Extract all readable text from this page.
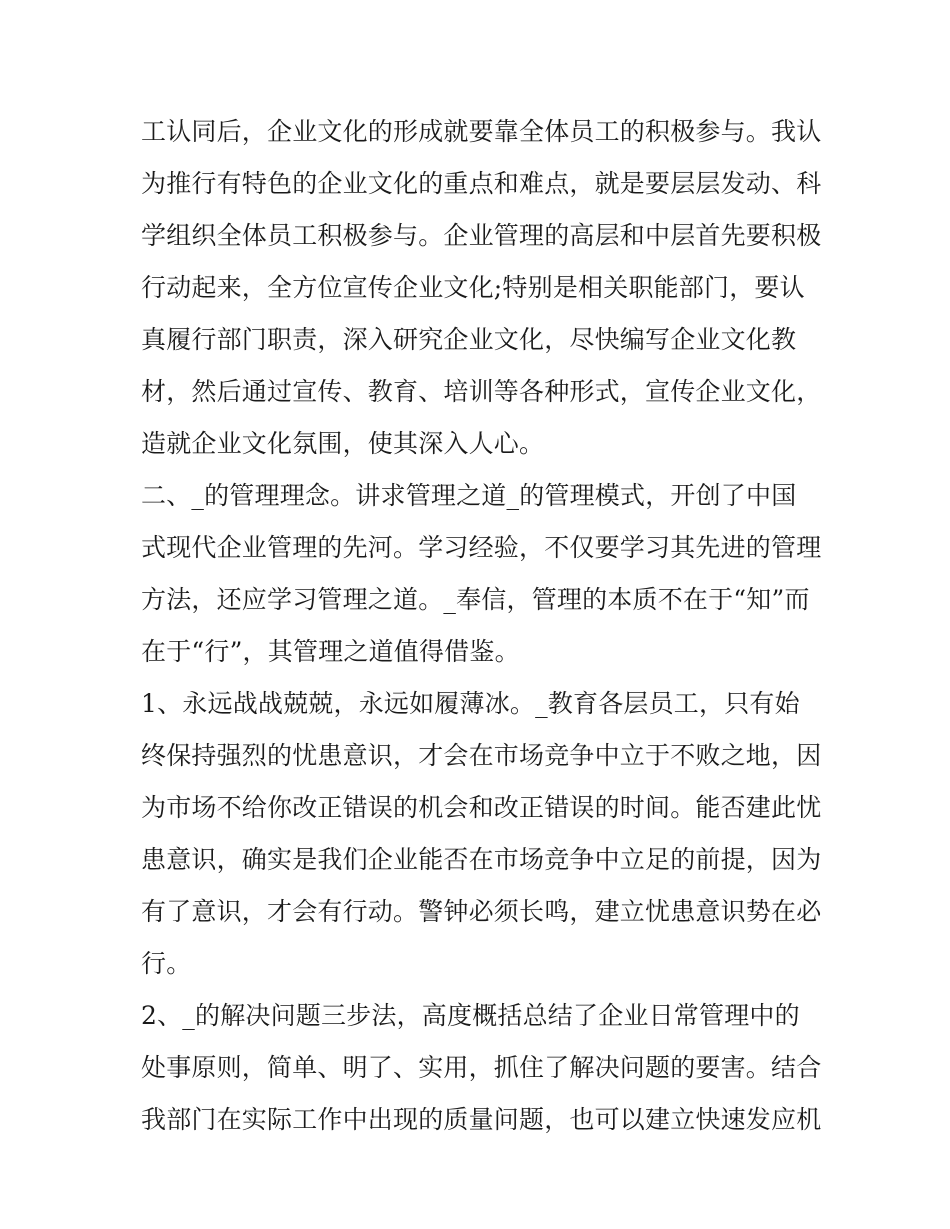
工认同后，企业文化的形成就要靠全体员工的积极参与。我认
为推行有特色的企业文化的重点和难点，就是要层层发动、科
学组织全体员工积极参与。企业管理的高层和中层首先要积极
行动起来，全方位宣传企业文化;特别是相关职能部门，要认
真履行部门职责，深入研究企业文化，尽快编写企业文化教
材，然后通过宣传、教育、培训等各种形式，宣传企业文化，
造就企业文化氛围，使其深入人心。
二、_的管理理念。讲求管理之道_的管理模式，开创了中国
式现代企业管理的先河。学习经验，不仅要学习其先进的管理
方法，还应学习管理之道。_奉信，管理的本质不在于“知”而
在于“行”，其管理之道值得借鉴。
1、永远战战兢兢，永远如履薄冰。_教育各层员工，只有始
终保持强烈的忧患意识，才会在市场竞争中立于不败之地，因
为市场不给你改正错误的机会和改正错误的时间。能否建此忧
患意识，确实是我们企业能否在市场竞争中立足的前提，因为
有了意识，才会有行动。警钟必须长鸣，建立忧患意识势在必
行。
2、_的解决问题三步法，高度概括总结了企业日常管理中的
处事原则，简单、明了、实用，抓住了解决问题的要害。结合
我部门在实际工作中出现的质量问题，也可以建立快速发应机
